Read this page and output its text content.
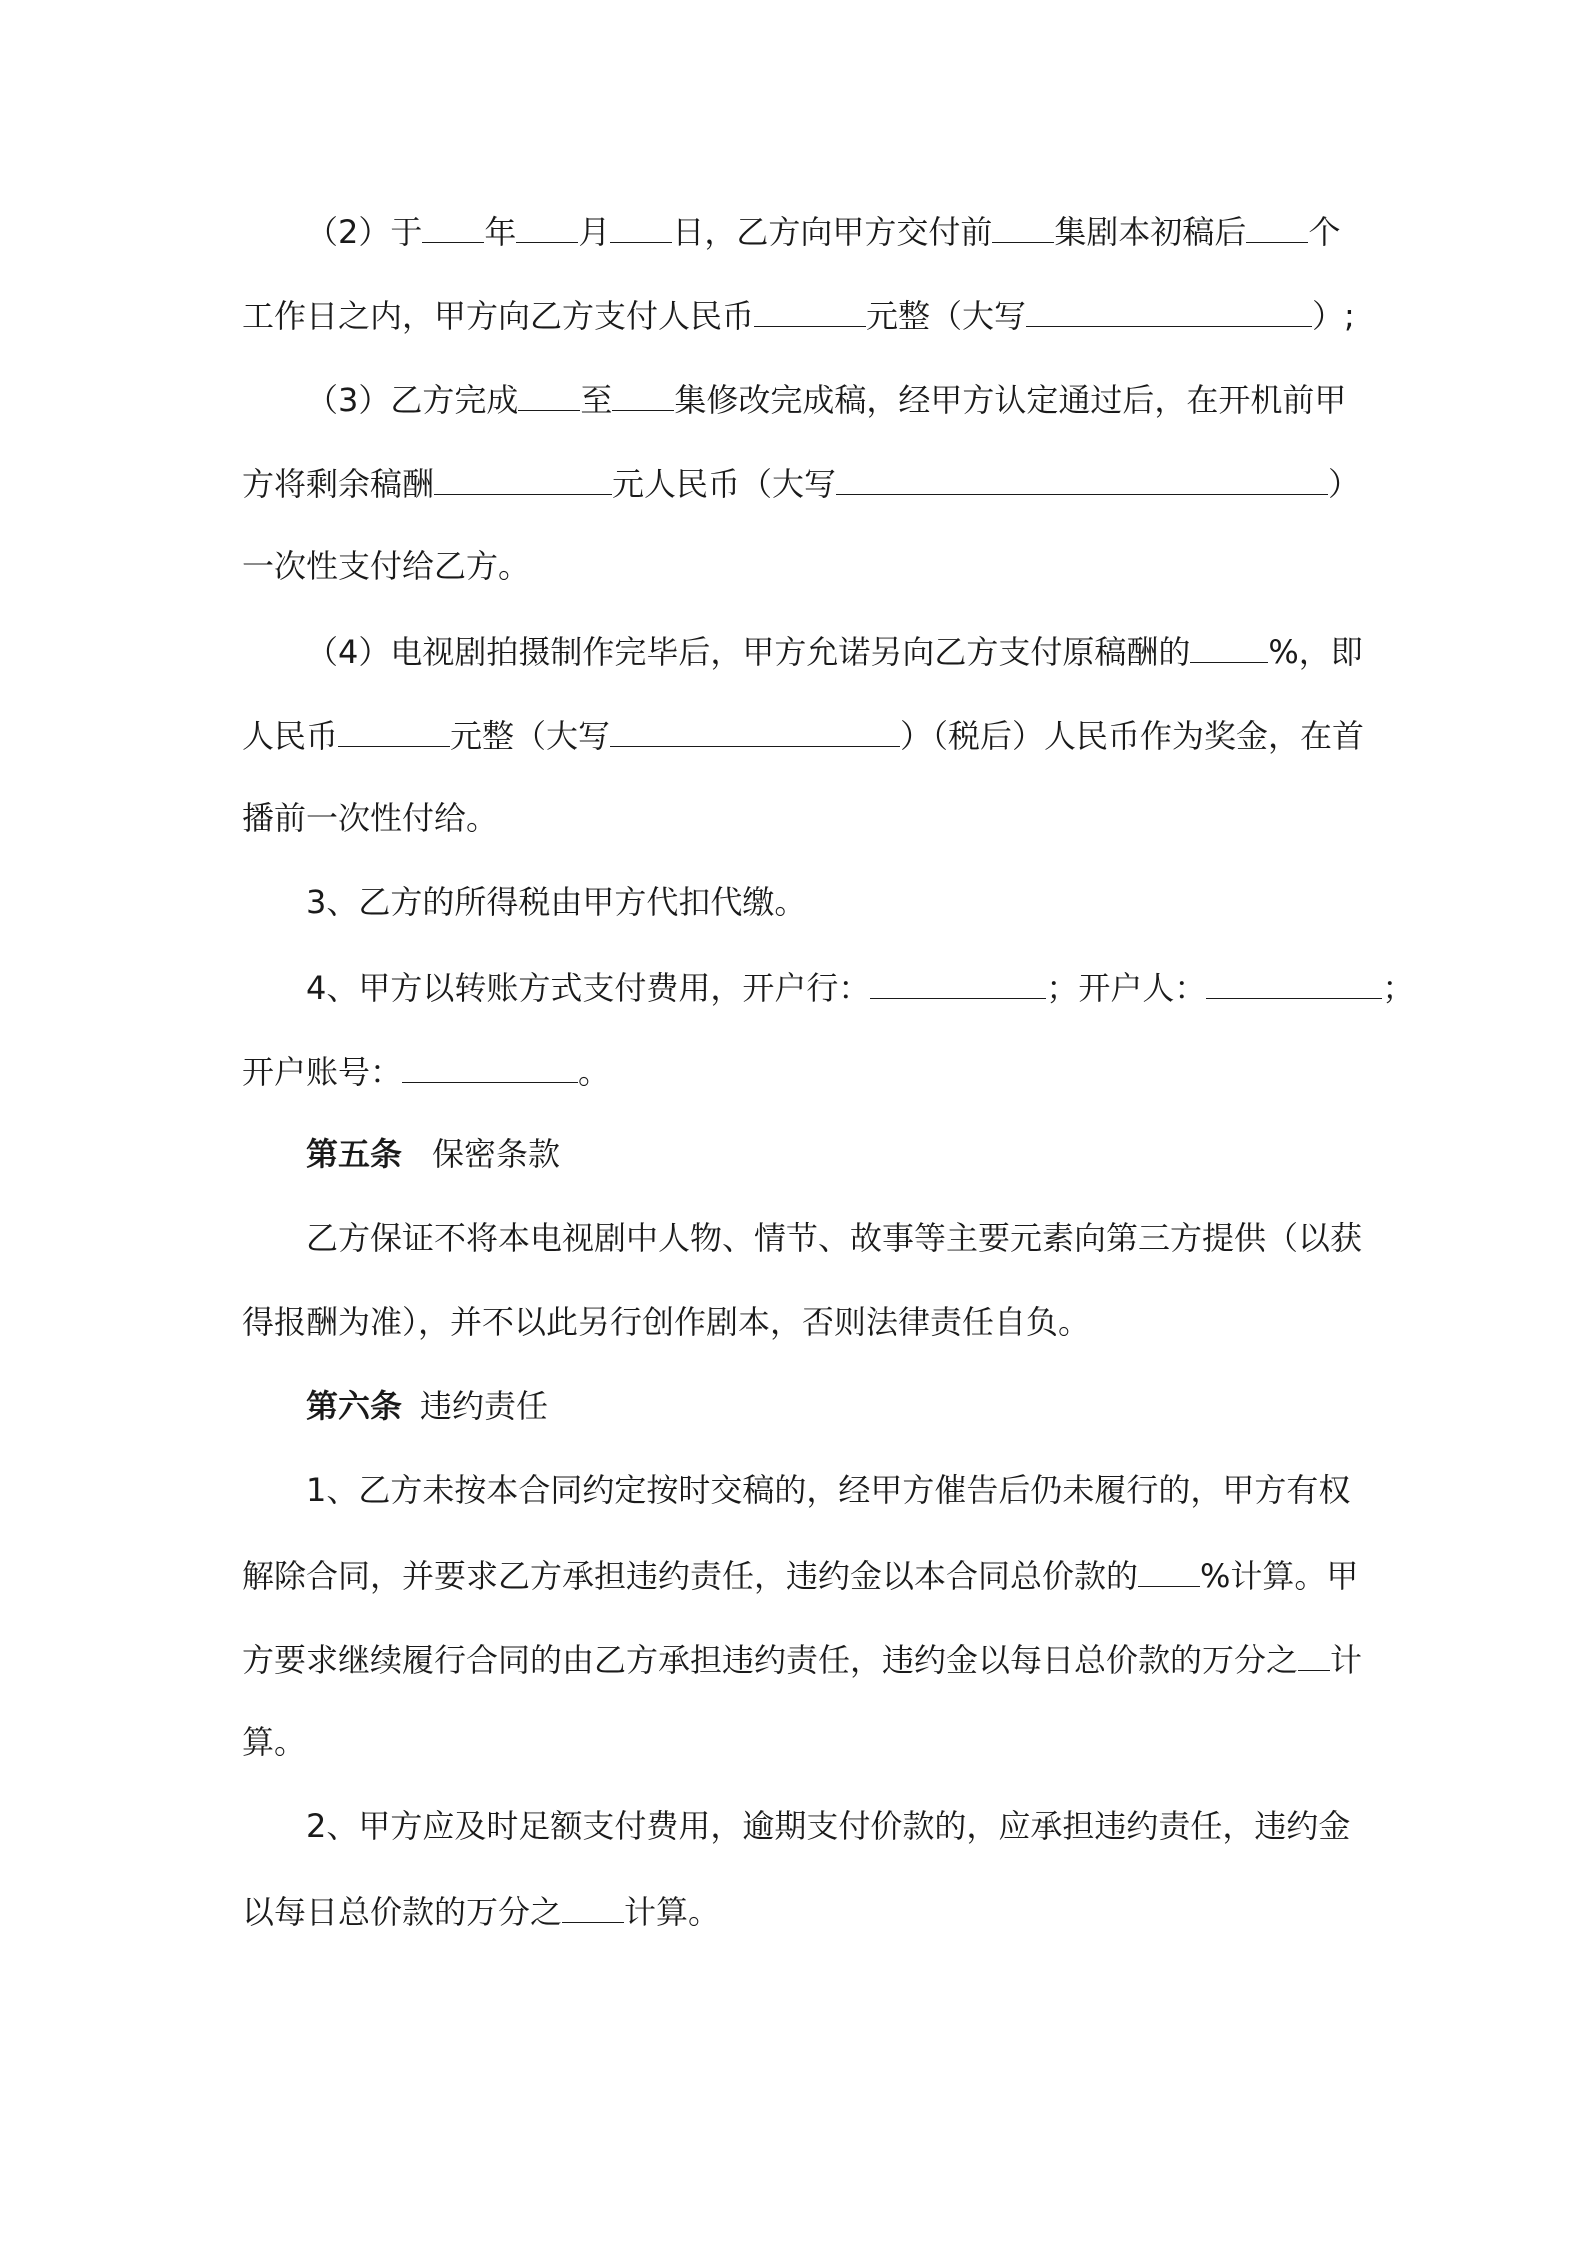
（2）于 年 月 日，乙方向甲方交付前 集剧本初稿后 个
工作日之内，甲方向乙方支付人民币	元整（大写	）;
（3）乙方完成 至 集修改完成稿，经甲方认定通过后，在开机前甲
方将剩余稿酬	元人民币（大写	）
一次性支付给乙方。
（4）电视剧拍摄制作完毕后，甲方允诺另向乙方支付原稿酬的 %，即
人民币	元整（大写	）（税后）人民币作为奖金，在首
播前一次性付给。
3、乙方的所得税由甲方代扣代缴。
4、甲方以转账方式支付费用，开户行：	；开户人：	；
开户账号：	。
第五条 保密条款
乙方保证不将本电视剧中人物、情节、故事等主要元素向第三方提供（以获
得报酬为准），并不以此另行创作剧本，否则法律责任自负。
第六条 违约责任
1、乙方未按本合同约定按时交稿的，经甲方催告后仍未履行的，甲方有权
解除合同，并要求乙方承担违约责任，违约金以本合同总价款的 %计算。甲
方要求继续履行合同的由乙方承担违约责任，违约金以每日总价款的万分之 计
算。
2、甲方应及时足额支付费用，逾期支付价款的，应承担违约责任，违约金
以每日总价款的万分之 计算。
